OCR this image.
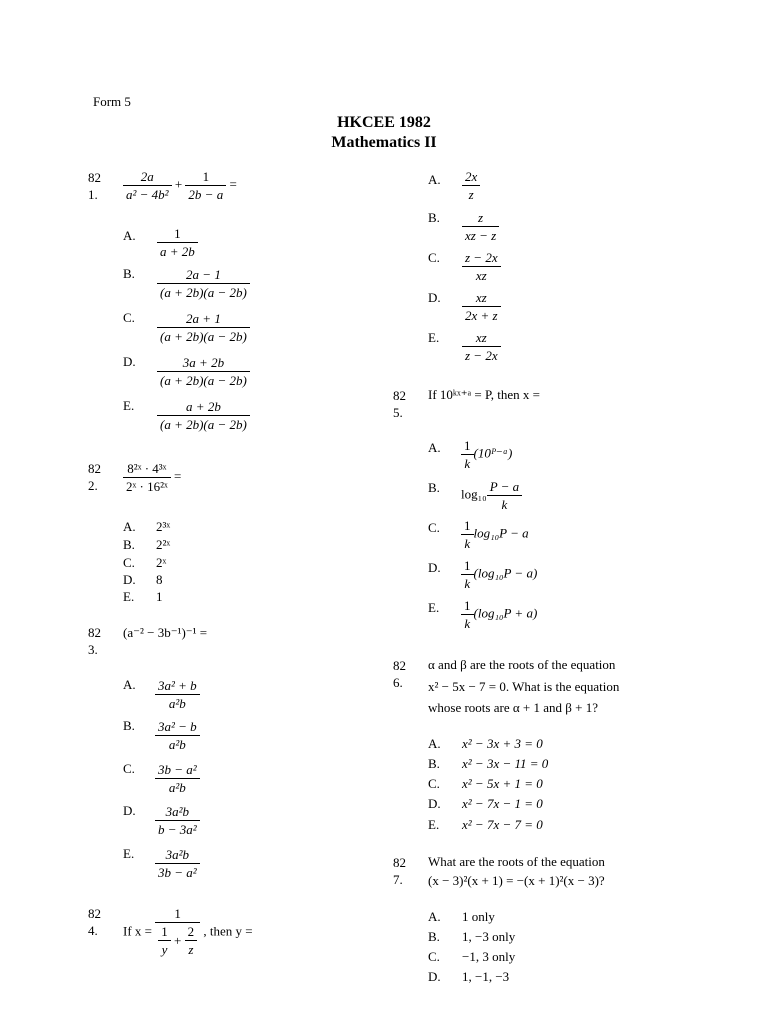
Form 5
HKCEE 1982
Mathematics II
82
1.	$\frac{2a}{\text{a² − 4b²}} + \frac{1}{2b - a}$ =
A. $\frac{1}{a + 2b}$
B. $\frac{2a - 1}{(a + 2b)(a - 2b)}$
C. $\frac{2a + 1}{(a + 2b)(a - 2b)}$
D. $\frac{3a + 2b}{(a + 2b)(a - 2b)}$
E. $\frac{a + 2b}{(a + 2b)(a - 2b)}$
82
2.	$\frac{\text{8²ˣ · 4³ˣ}}{\text{2ˣ · 16²ˣ}}$ =
A. 2³ˣ
B. 2²ˣ
C. 2ˣ
D. 8
E. 1
82
3.
(a⁻² − 3b⁻¹)⁻¹ =
A. $\frac{\text{3a² + b}}{\text{a²b}}$
B. $\frac{\text{3a² − b}}{\text{a²b}}$
C. $\frac{\text{3b − a²}}{\text{a²b}}$
D. $\frac{\text{3a²b}}{\text{b − 3a²}}$
E. $\frac{\text{3a²b}}{\text{3b − a²}}$
82
4.	If $x = \frac{1}{\frac{1}{y} + \frac{2}{z}}$ , then y =
A. $\frac{2x}{z}$
B. $\frac{z}{xz - z}$
C. $\frac{z - 2x}{xz}$
D. $\frac{xz}{2x + z}$
E. $\frac{xz}{z - 2x}$
82
5.
If 10ᵏˣ⁺ᵃ = P, then x =
A. $\frac{1}{k}$ (10ᴾ⁻ᵃ)
B. $\log_{10} \frac{P - a}{k}$
C. $\frac{1}{k} \log_{10}P - a$
D. $\frac{1}{k} (\log_{10}P - a)$
E. $\frac{1}{k} (\log_{10}P + a)$
82
6.
α and β are the roots of the equation
x² − 5x − 7 = 0. What is the equation
whose roots are α + 1 and β + 1?
A. x² − 3x + 3 = 0
B. x² − 3x − 11 = 0
C. x² − 5x + 1 = 0
D. x² − 7x − 1 = 0
E. x² − 7x − 7 = 0
82
7.
What are the roots of the equation
(x − 3)²(x + 1) = −(x + 1)²(x − 3)?
A. 1 only
B. 1, −3 only
C. −1, 3 only
D. 1, −1, −3
